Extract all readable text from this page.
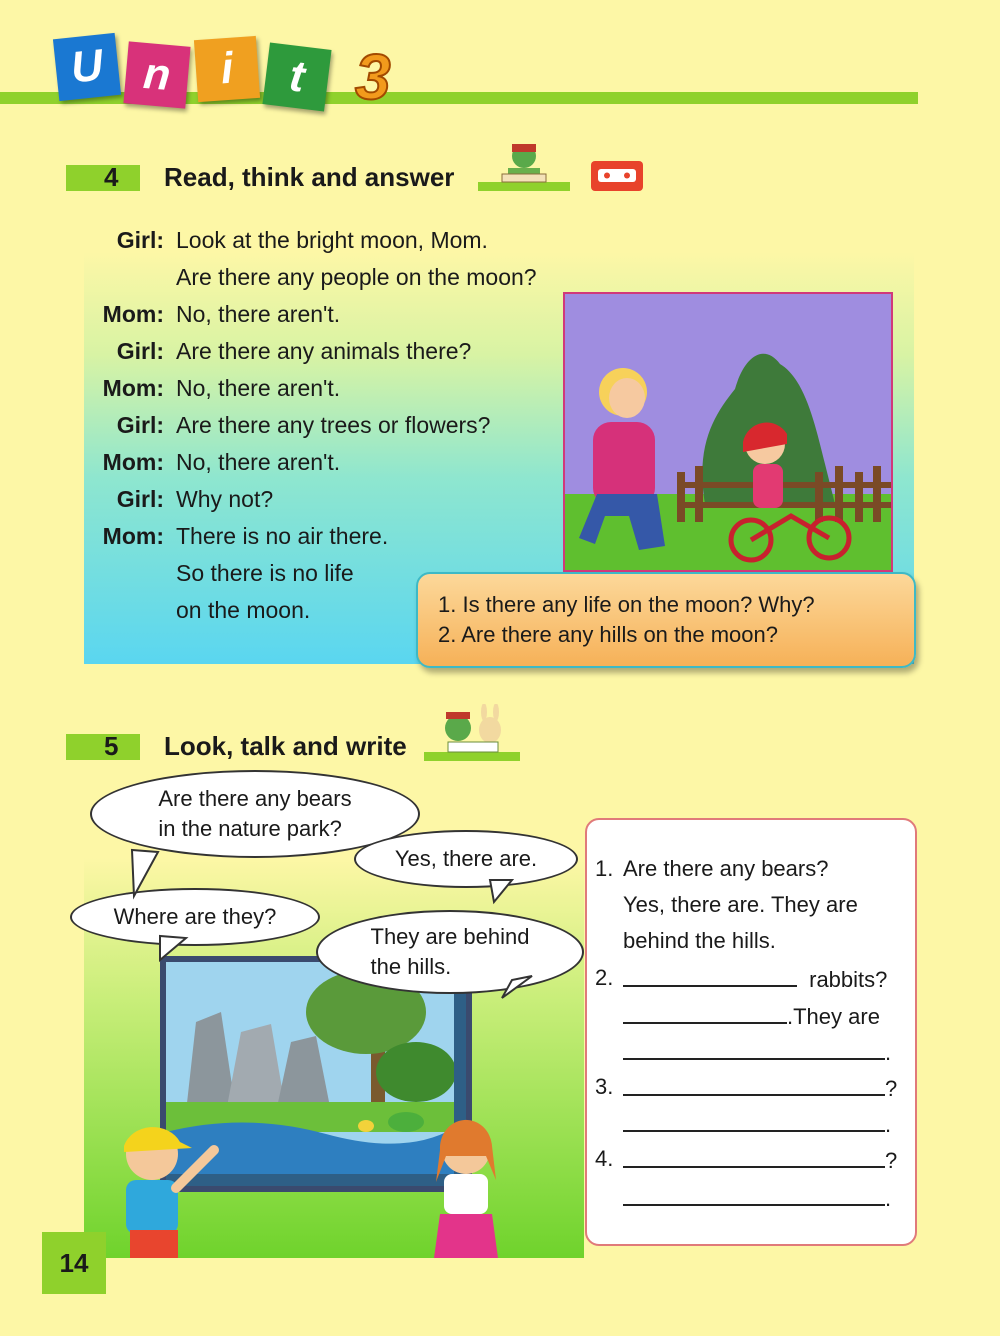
U n i t 3
4 Read, think and answer
Girl: Look at the bright moon, Mom.
Are there any people on the moon?
Mom: No, there aren't.
Girl: Are there any animals there?
Mom: No, there aren't.
Girl: Are there any trees or flowers?
Mom: No, there aren't.
Girl: Why not?
Mom: There is no air there.
So there is no life
on the moon.	1. Is there any life on the moon? Why?
2. Are there any hills on the moon?
5 Look, talk and write
Are there any bears
in the nature park?
Yes, there are.
Where are they?
They are behind
the hills.
1. Are there any bears?
Yes, there are. They are
behind the hills.
2.	rabbits?
.They are
.
3.	?
.
4.	?
.
14
